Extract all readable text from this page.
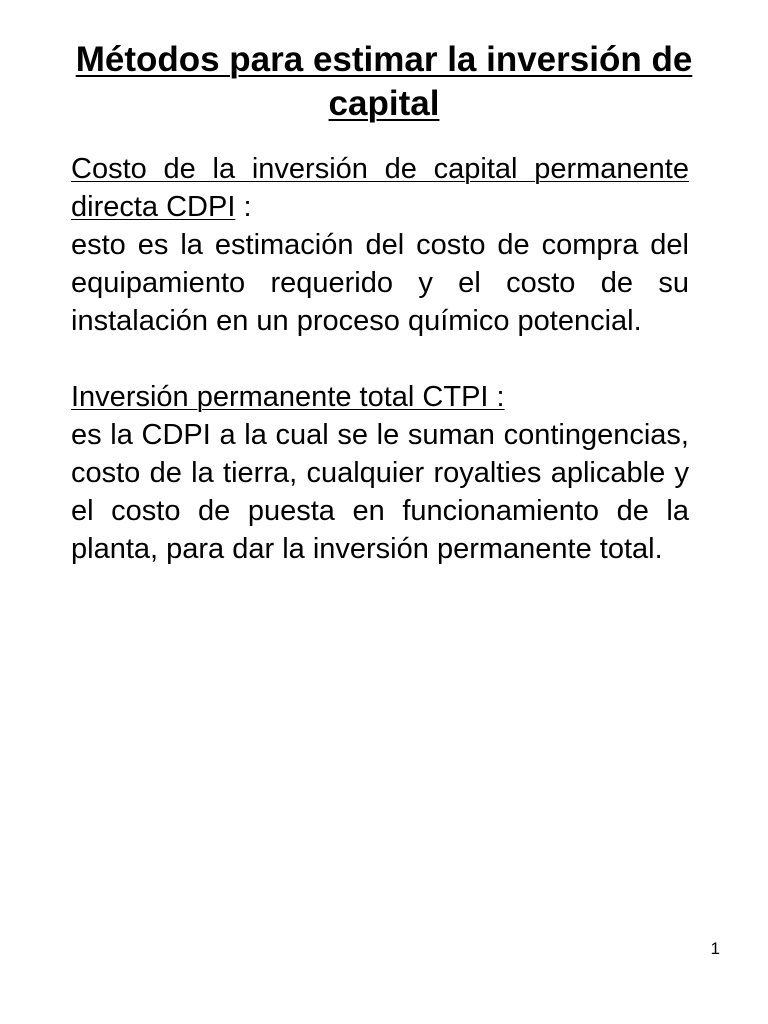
Métodos para estimar la inversión de capital

Costo de la inversión de capital permanente directa CDPI :

esto es la estimación del costo de compra del equipamiento requerido y el costo de su instalación en un proceso químico potencial.

Inversión permanente total CTPI :

es la CDPI a la cual se le suman contingencias, costo de la tierra, cualquier royalties aplicable y el costo de puesta en funcionamiento de la planta, para dar la inversión permanente total.

1
